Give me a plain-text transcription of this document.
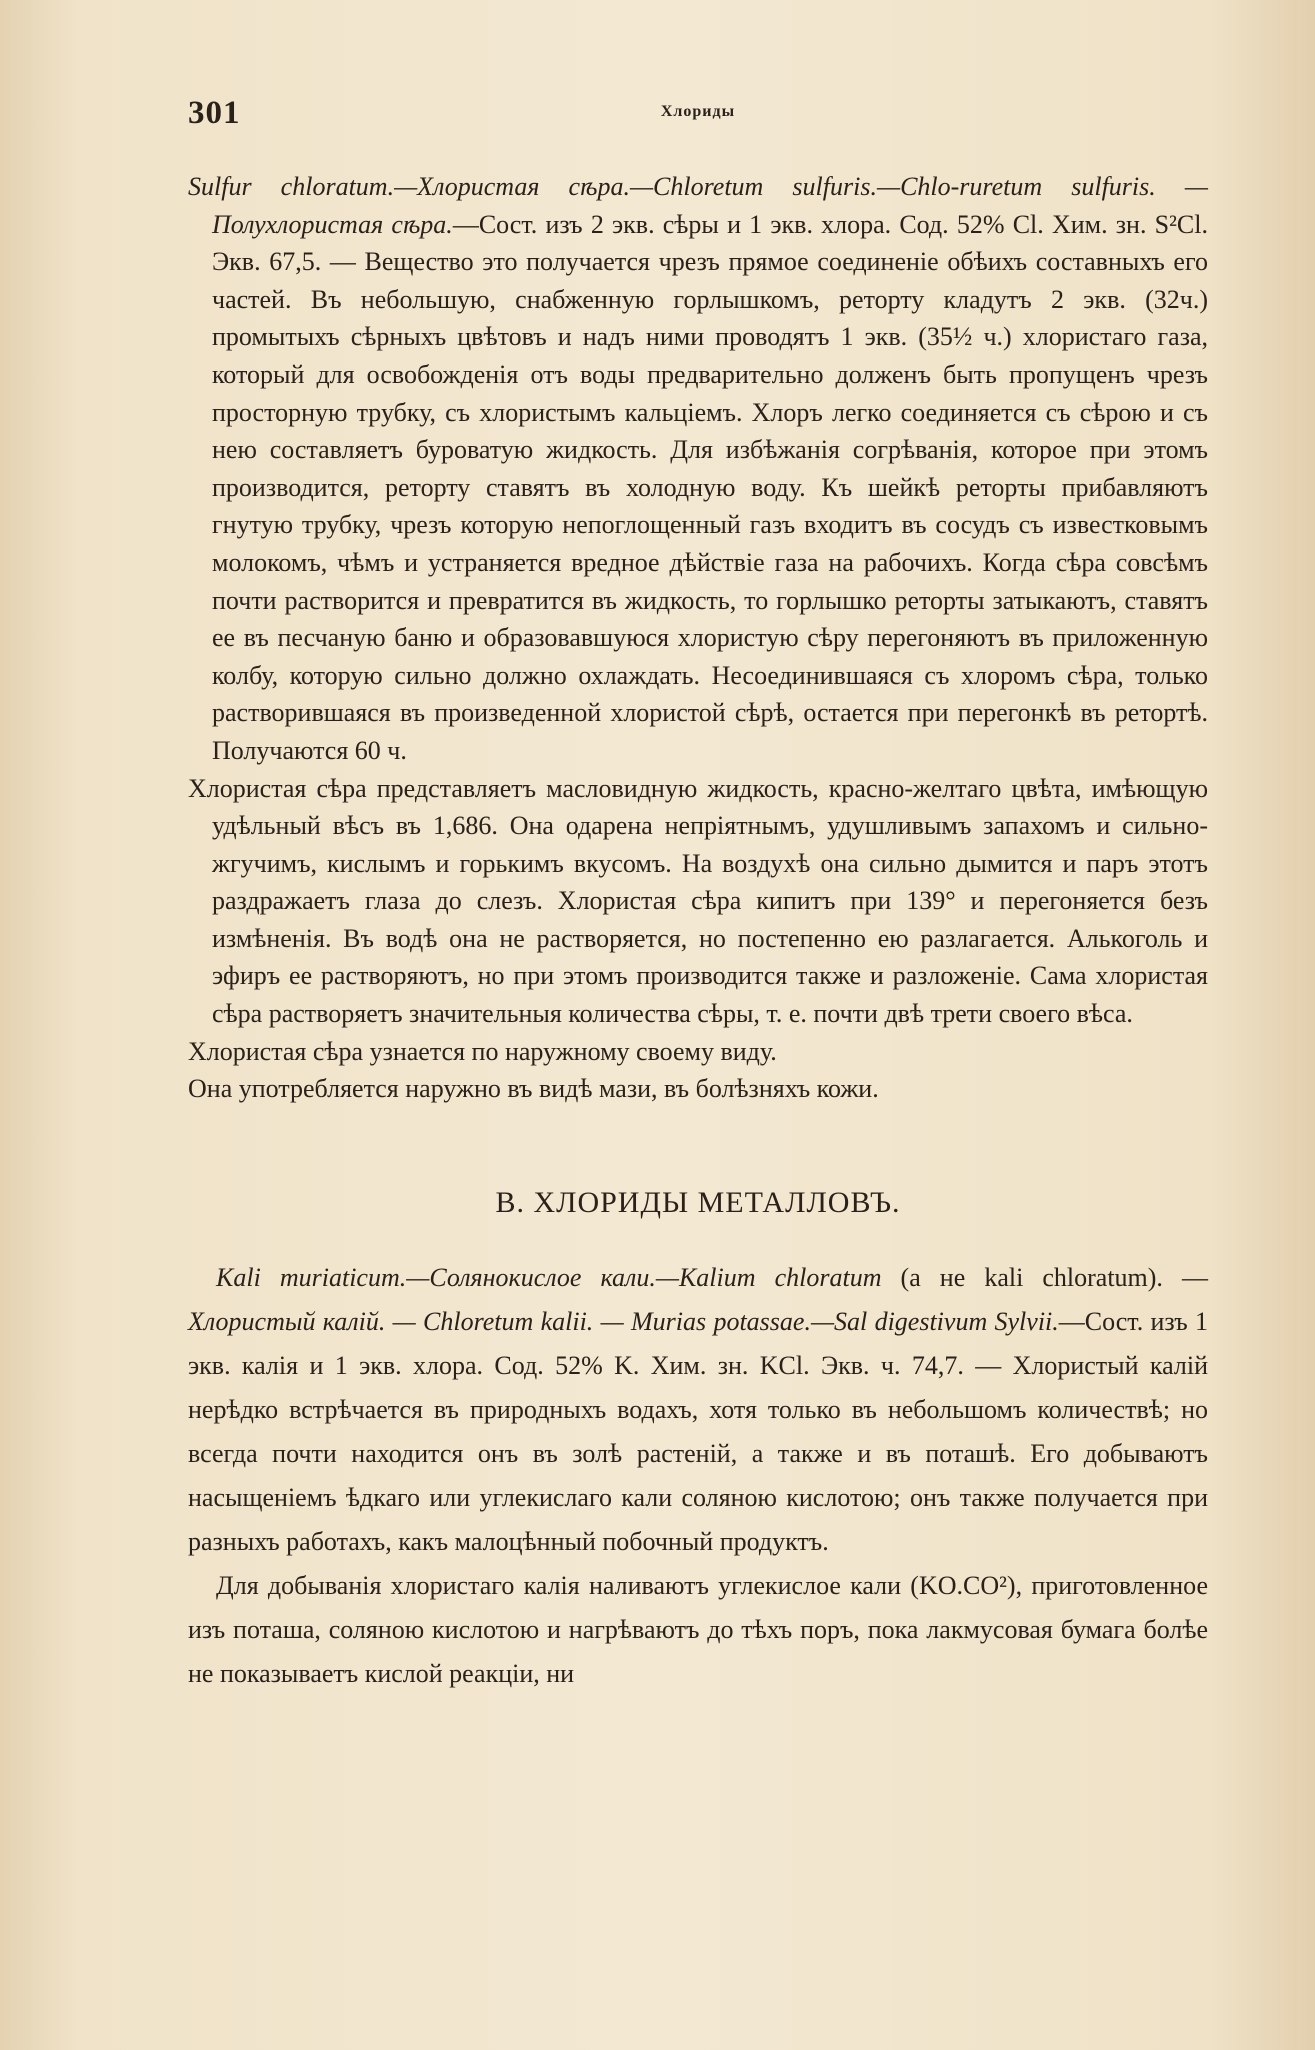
301	Хлориды

Sulfur chloratum.—Хлористая сѣра.—Chloretum sulfuris.—Chlo-ruretum sulfuris. — Полухлористая сѣра.—Сост. изъ 2 экв. сѣры и 1 экв. хлора. Сод. 52% Cl. Хим. зн. S²Cl. Экв. 67,5. — Вещество это получается чрезъ прямое соединеніе обѣихъ составныхъ его частей. Въ небольшую, снабженную горлышкомъ, реторту кладутъ 2 экв. (32ч.) промытыхъ сѣрныхъ цвѣтовъ и надъ ними проводятъ 1 экв. (35½ ч.) хлористаго газа, который для освобожденія отъ воды предварительно долженъ быть пропущенъ чрезъ просторную трубку, съ хлористымъ кальціемъ. Хлоръ легко соединяется съ сѣрою и съ нею составляетъ буроватую жидкость. Для избѣжанія согрѣванія, которое при этомъ производится, реторту ставятъ въ холодную воду. Къ шейкѣ реторты прибавляютъ гнутую трубку, чрезъ которую непоглощенный газъ входитъ въ сосудъ съ известковымъ молокомъ, чѣмъ и устраняется вредное дѣйствіе газа на рабочихъ. Когда сѣра совсѣмъ почти растворится и превратится въ жидкость, то горлышко реторты затыкаютъ, ставятъ ее въ песчаную баню и образовавшуюся хлористую сѣру перегоняютъ въ приложенную колбу, которую сильно должно охлаждать. Несоединившаяся съ хлоромъ сѣра, только растворившаяся въ произведенной хлористой сѣрѣ, остается при перегонкѣ въ ретортѣ. Получаются 60 ч.

Хлористая сѣра представляетъ масловидную жидкость, красно-желтаго цвѣта, имѣющую удѣльный вѣсъ въ 1,686. Она одарена непріятнымъ, удушливымъ запахомъ и сильно-жгучимъ, кислымъ и горькимъ вкусомъ. На воздухѣ она сильно дымится и паръ этотъ раздражаетъ глаза до слезъ. Хлористая сѣра кипитъ при 139° и перегоняется безъ измѣненія. Въ водѣ она не растворяется, но постепенно ею разлагается. Алькоголь и эфиръ ее растворяютъ, но при этомъ производится также и разложеніе. Сама хлористая сѣра растворяетъ значительныя количества сѣры, т. е. почти двѣ трети своего вѣса.

Хлористая сѣра узнается по наружному своему виду.

Она употребляется наружно въ видѣ мази, въ болѣзняхъ кожи.

B. ХЛОРИДЫ МЕТАЛЛОВЪ.

Kali muriaticum.—Солянокислое кали.—Kalium chloratum (а не kali chloratum). — Хлористый калій. — Chloretum kalii. — Murias potassae.—Sal digestivum Sylvii.—Сост. изъ 1 экв. калія и 1 экв. хлора. Сод. 52% K. Хим. зн. KCl. Экв. ч. 74,7. — Хлористый калій нерѣдко встрѣчается въ природныхъ водахъ, хотя только въ небольшомъ количествѣ; но всегда почти находится онъ въ золѣ растеній, а также и въ поташѣ. Его добываютъ насыщеніемъ ѣдкаго или углекислаго кали соляною кислотою; онъ также получается при разныхъ работахъ, какъ малоцѣнный побочный продуктъ.

Для добыванія хлористаго калія наливаютъ углекислое кали (KO.CO²), приготовленное изъ поташа, соляною кислотою и нагрѣваютъ до тѣхъ поръ, пока лакмусовая бумага болѣе не показываетъ кислой реакціи, ни
